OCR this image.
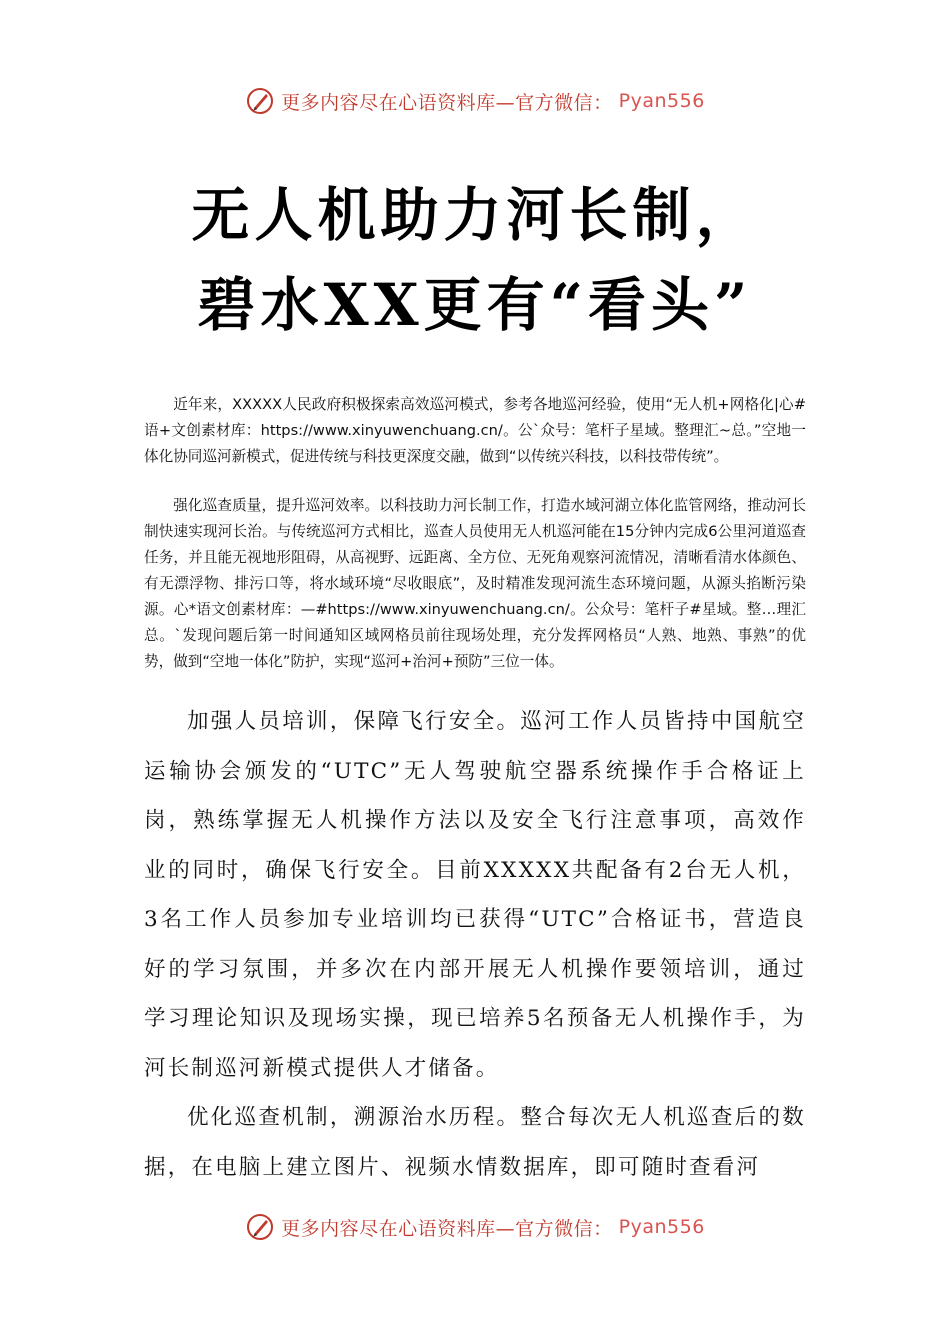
更多内容尽在心语资料库—官方微信： Pyan556
无人机助力河长制，
碧水XX更有“看头”

近年来，XXXXX人民政府积极探索高效巡河模式，参考各地巡河经验，使用“无人机+网格化|心#语+文创素材库：https://www.xinyuwenchuang.cn/。公`众号：笔杆子星域。整理汇~总。”空地一体化协同巡河新模式，促进传统与科技更深度交融，做到“以传统兴科技，以科技带传统”。

强化巡查质量，提升巡河效率。以科技助力河长制工作，打造水域河湖立体化监管网络，推动河长制快速实现河长治。与传统巡河方式相比，巡查人员使用无人机巡河能在15分钟内完成6公里河道巡查任务，并且能无视地形阻碍，从高视野、远距离、全方位、无死角观察河流情况，清晰看清水体颜色、有无漂浮物、排污口等，将水域环境“尽收眼底”，及时精准发现河流生态环境问题，从源头掐断污染源。心*语文创素材库：—#https://www.xinyuwenchuang.cn/。公众号：笔杆子#星域。整…理汇总。`发现问题后第一时间通知区域网格员前往现场处理，充分发挥网格员“人熟、地熟、事熟”的优势，做到“空地一体化”防护，实现“巡河+治河+预防”三位一体。

加强人员培训，保障飞行安全。巡河工作人员皆持中国航空运输协会颁发的“UTC”无人驾驶航空器系统操作手合格证上岗，熟练掌握无人机操作方法以及安全飞行注意事项，高效作业的同时，确保飞行安全。目前XXXXX共配备有2台无人机，3名工作人员参加专业培训均已获得“UTC”合格证书，营造良好的学习氛围，并多次在内部开展无人机操作要领培训，通过学习理论知识及现场实操，现已培养5名预备无人机操作手，为河长制巡河新模式提供人才储备。

优化巡查机制，溯源治水历程。整合每次无人机巡查后的数据，在电脑上建立图片、视频水情数据库，即可随时查看河

更多内容尽在心语资料库—官方微信： Pyan556
